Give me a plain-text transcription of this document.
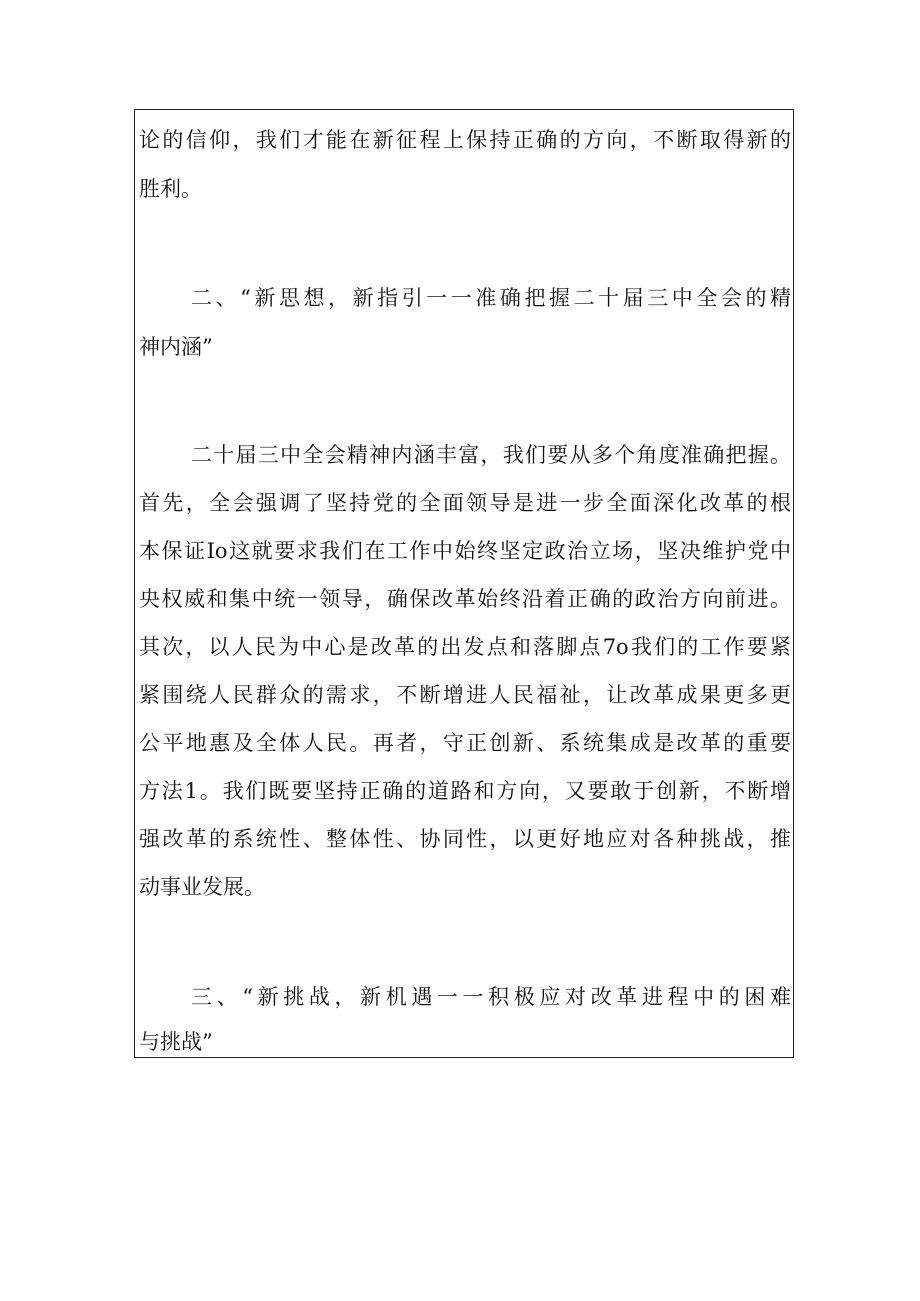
论的信仰，我们才能在新征程上保持正确的方向，不断取得新的
胜利。
二、“新思想，新指引一一准确把握二十届三中全会的精
神内涵”
二十届三中全会精神内涵丰富，我们要从多个角度准确把握。
首先，全会强调了坚持党的全面领导是进一步全面深化改革的根
本保证Io这就要求我们在工作中始终坚定政治立场，坚决维护党中
央权威和集中统一领导，确保改革始终沿着正确的政治方向前进。
其次，以人民为中心是改革的出发点和落脚点7o我们的工作要紧
紧围绕人民群众的需求，不断增进人民福祉，让改革成果更多更
公平地惠及全体人民。再者，守正创新、系统集成是改革的重要
方法1。我们既要坚持正确的道路和方向，又要敢于创新，不断增
强改革的系统性、整体性、协同性，以更好地应对各种挑战，推
动事业发展。
三、“新挑战，新机遇一一积极应对改革进程中的困难
与挑战”
